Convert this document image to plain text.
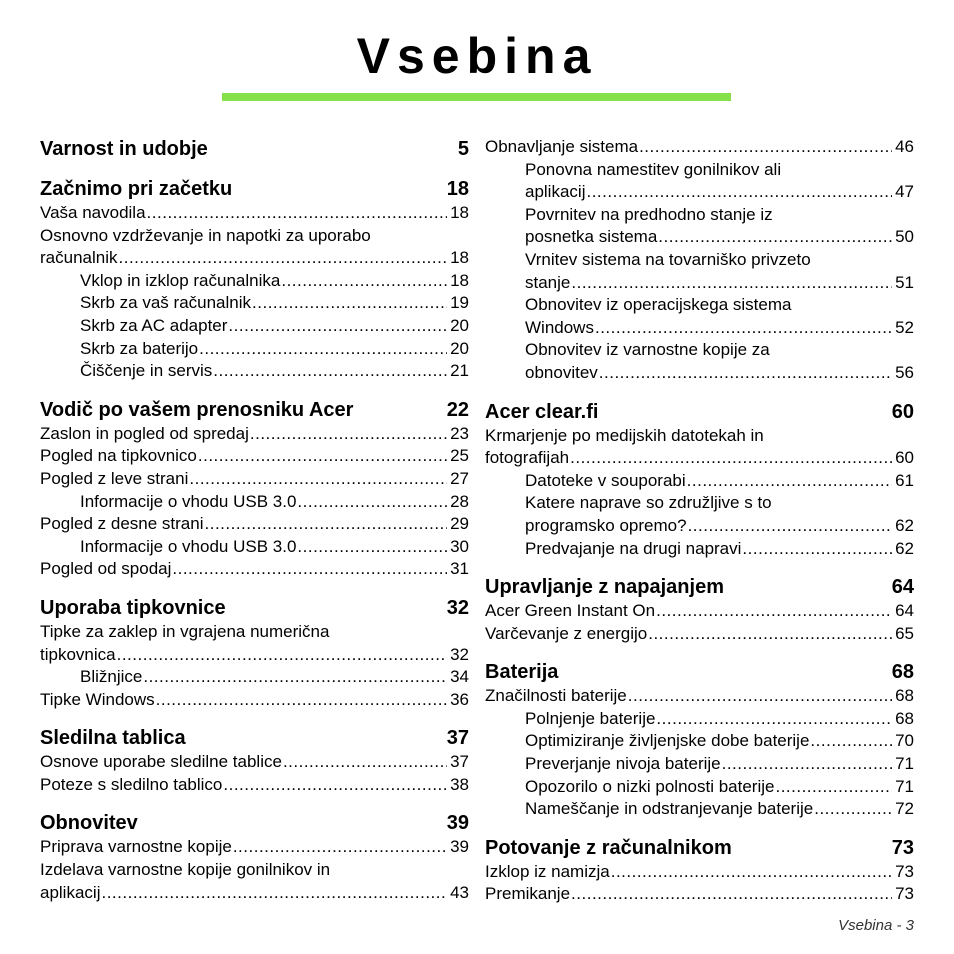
Vsebina
Varnost in udobje	5
Začnimo pri začetku	18
Vaša navodila .....	18
Osnovno vzdrževanje in napotki za uporabo
računalnik .....	18
Vklop in izklop računalnika .....	18
Skrb za vaš računalnik .....	19
Skrb za AC adapter .....	20
Skrb za baterijo .....	20
Čiščenje in servis .....	21
Vodič po vašem prenosniku Acer	22
Zaslon in pogled od spredaj .....	23
Pogled na tipkovnico .....	25
Pogled z leve strani .....	27
Informacije o vhodu USB 3.0 .....	28
Pogled z desne strani .....	29
Informacije o vhodu USB 3.0 .....	30
Pogled od spodaj .....	31
Uporaba tipkovnice	32
Tipke za zaklep in vgrajena numerična
tipkovnica .....	32
Bližnjice .....	34
Tipke Windows .....	36
Sledilna tablica	37
Osnove uporabe sledilne tablice .....	37
Poteze s sledilno tablico .....	38
Obnovitev	39
Priprava varnostne kopije .....	39
Izdelava varnostne kopije gonilnikov in
aplikacij .....	43
Obnavljanje sistema .....	46
Ponovna namestitev gonilnikov ali
aplikacij .....	47
Povrnitev na predhodno stanje iz
posnetka sistema .....	50
Vrnitev sistema na tovarniško privzeto
stanje .....	51
Obnovitev iz operacijskega sistema
Windows .....	52
Obnovitev iz varnostne kopije za
obnovitev .....	56
Acer clear.fi	60
Krmarjenje po medijskih datotekah in
fotografijah .....	60
Datoteke v souporabi .....	61
Katere naprave so združljive s to
programsko opremo? .....	62
Predvajanje na drugi napravi .....	62
Upravljanje z napajanjem	64
Acer Green Instant On .....	64
Varčevanje z energijo .....	65
Baterija	68
Značilnosti baterije .....	68
Polnjenje baterije .....	68
Optimiziranje življenjske dobe baterije .....	70
Preverjanje nivoja baterije .....	71
Opozorilo o nizki polnosti baterije .....	71
Nameščanje in odstranjevanje baterije .....	72
Potovanje z računalnikom	73
Izklop iz namizja .....	73
Premikanje .....	73
Vsebina - 3
